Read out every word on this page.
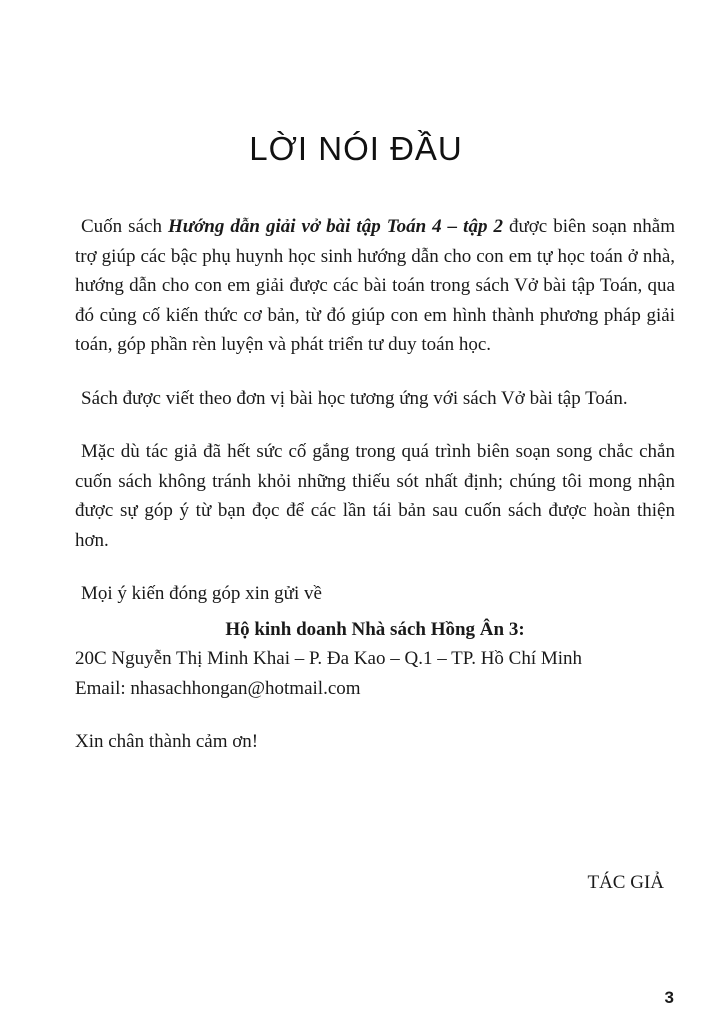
LỜI NÓI ĐẦU

Cuốn sách Hướng dẫn giải vở bài tập Toán 4 – tập 2 được biên soạn nhằm trợ giúp các bậc phụ huynh học sinh hướng dẫn cho con em tự học toán ở nhà, hướng dẫn cho con em giải được các bài toán trong sách Vở bài tập Toán, qua đó củng cố kiến thức cơ bản, từ đó giúp con em hình thành phương pháp giải toán, góp phần rèn luyện và phát triển tư duy toán học.

Sách được viết theo đơn vị bài học tương ứng với sách Vở bài tập Toán.

Mặc dù tác giả đã hết sức cố gắng trong quá trình biên soạn song chắc chắn cuốn sách không tránh khỏi những thiếu sót nhất định; chúng tôi mong nhận được sự góp ý từ bạn đọc để các lần tái bản sau cuốn sách được hoàn thiện hơn.

Mọi ý kiến đóng góp xin gửi về

Hộ kinh doanh Nhà sách Hồng Ân 3:

20C Nguyễn Thị Minh Khai – P. Đa Kao – Q.1 – TP. Hồ Chí Minh

Email: nhasachhongan@hotmail.com

Xin chân thành cảm ơn!

TÁC GIẢ
3
